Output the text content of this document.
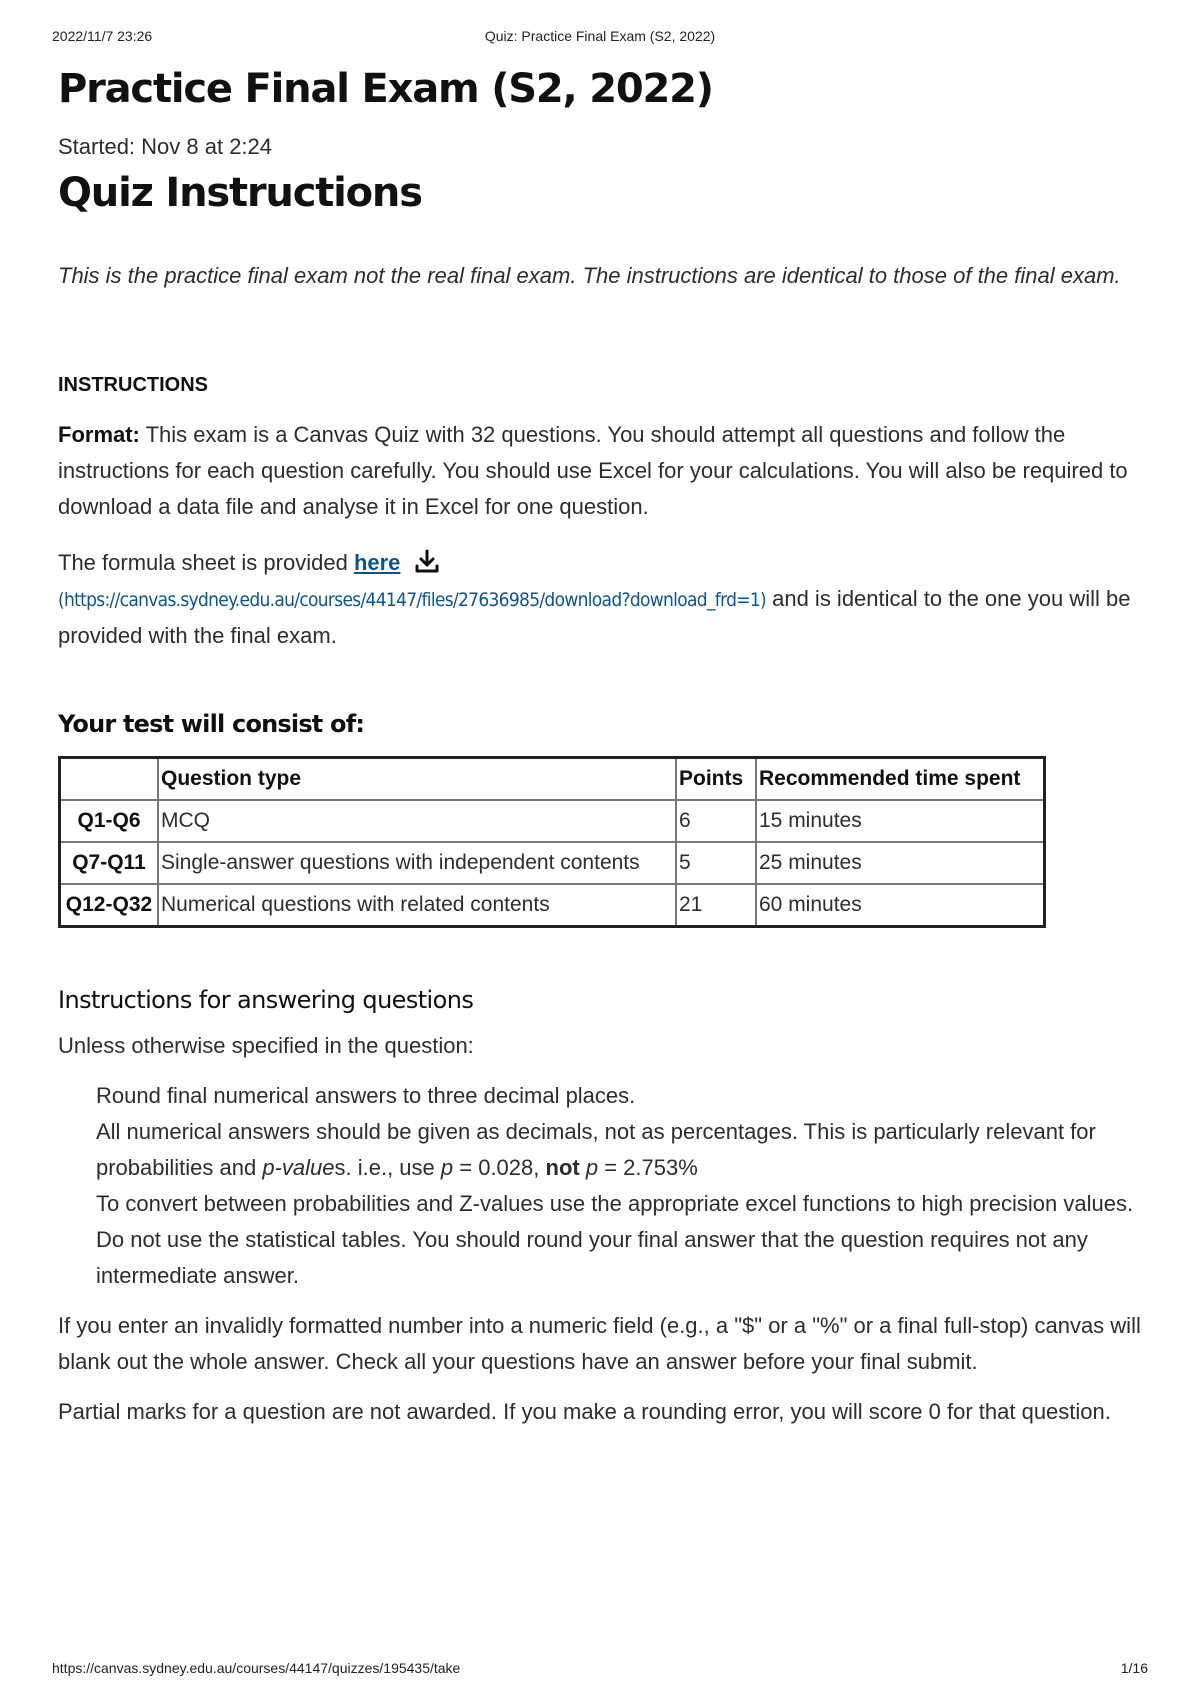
2022/11/7 23:26	Quiz: Practice Final Exam (S2, 2022)
Practice Final Exam (S2, 2022)
Started: Nov 8 at 2:24
Quiz Instructions
This is the practice final exam not the real final exam. The instructions are identical to those of the final exam.
INSTRUCTIONS

Format: This exam is a Canvas Quiz with 32 questions. You should attempt all questions and follow the instructions for each question carefully. You should use Excel for your calculations. You will also be required to download a data file and analyse it in Excel for one question.

The formula sheet is provided here
(https://canvas.sydney.edu.au/courses/44147/files/27636985/download?download_frd=1) and is identical to the one you will be provided with the final exam.

Your test will consist of:
	Question type	Points	Recommended time spent
Q1-Q6	MCQ	6	15 minutes
Q7-Q11	Single-answer questions with independent contents	5	25 minutes
Q12-Q32	Numerical questions with related contents	21	60 minutes
Instructions for answering questions

Unless otherwise specified in the question:

Round final numerical answers to three decimal places.
All numerical answers should be given as decimals, not as percentages. This is particularly relevant for probabilities and p-values. i.e., use p = 0.028, not p = 2.753%
To convert between probabilities and Z-values use the appropriate excel functions to high precision values. Do not use the statistical tables. You should round your final answer that the question requires not any intermediate answer.

If you enter an invalidly formatted number into a numeric field (e.g., a "$" or a "%" or a final full-stop) canvas will blank out the whole answer. Check all your questions have an answer before your final submit.

Partial marks for a question are not awarded. If you make a rounding error, you will score 0 for that question.

https://canvas.sydney.edu.au/courses/44147/quizzes/195435/take	1/16
